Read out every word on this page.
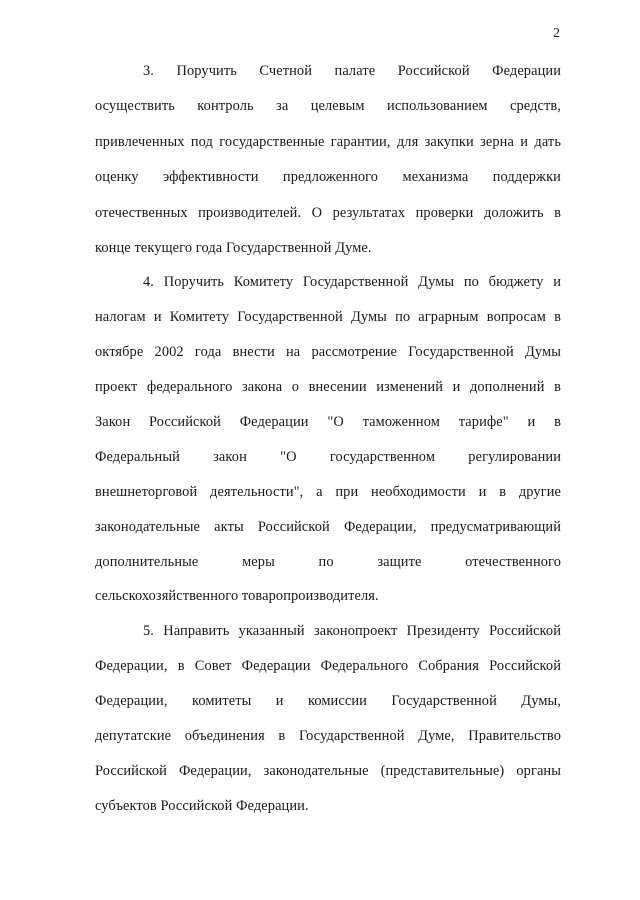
2
3. Поручить Счетной палате Российской Федерации
осуществить контроль за целевым использованием средств,
привлеченных под государственные гарантии, для закупки зерна и дать
оценку эффективности предложенного механизма поддержки
отечественных производителей. О результатах проверки доложить в
конце текущего года Государственной Думе.
4. Поручить Комитету Государственной Думы по бюджету и
налогам и Комитету Государственной Думы по аграрным вопросам в
октябре 2002 года внести на рассмотрение Государственной Думы
проект федерального закона о внесении изменений и дополнений в
Закон Российской Федерации "О таможенном тарифе" и в
Федеральный закон "О государственном регулировании
внешнеторговой деятельности", а при необходимости и в другие
законодательные акты Российской Федерации, предусматривающий
дополнительные меры по защите отечественного
сельскохозяйственного товаропроизводителя.
5. Направить указанный законопроект Президенту Российской
Федерации, в Совет Федерации Федерального Собрания Российской
Федерации, комитеты и комиссии Государственной Думы,
депутатские объединения в Государственной Думе, Правительство
Российской Федерации, законодательные (представительные) органы
субъектов Российской Федерации.
